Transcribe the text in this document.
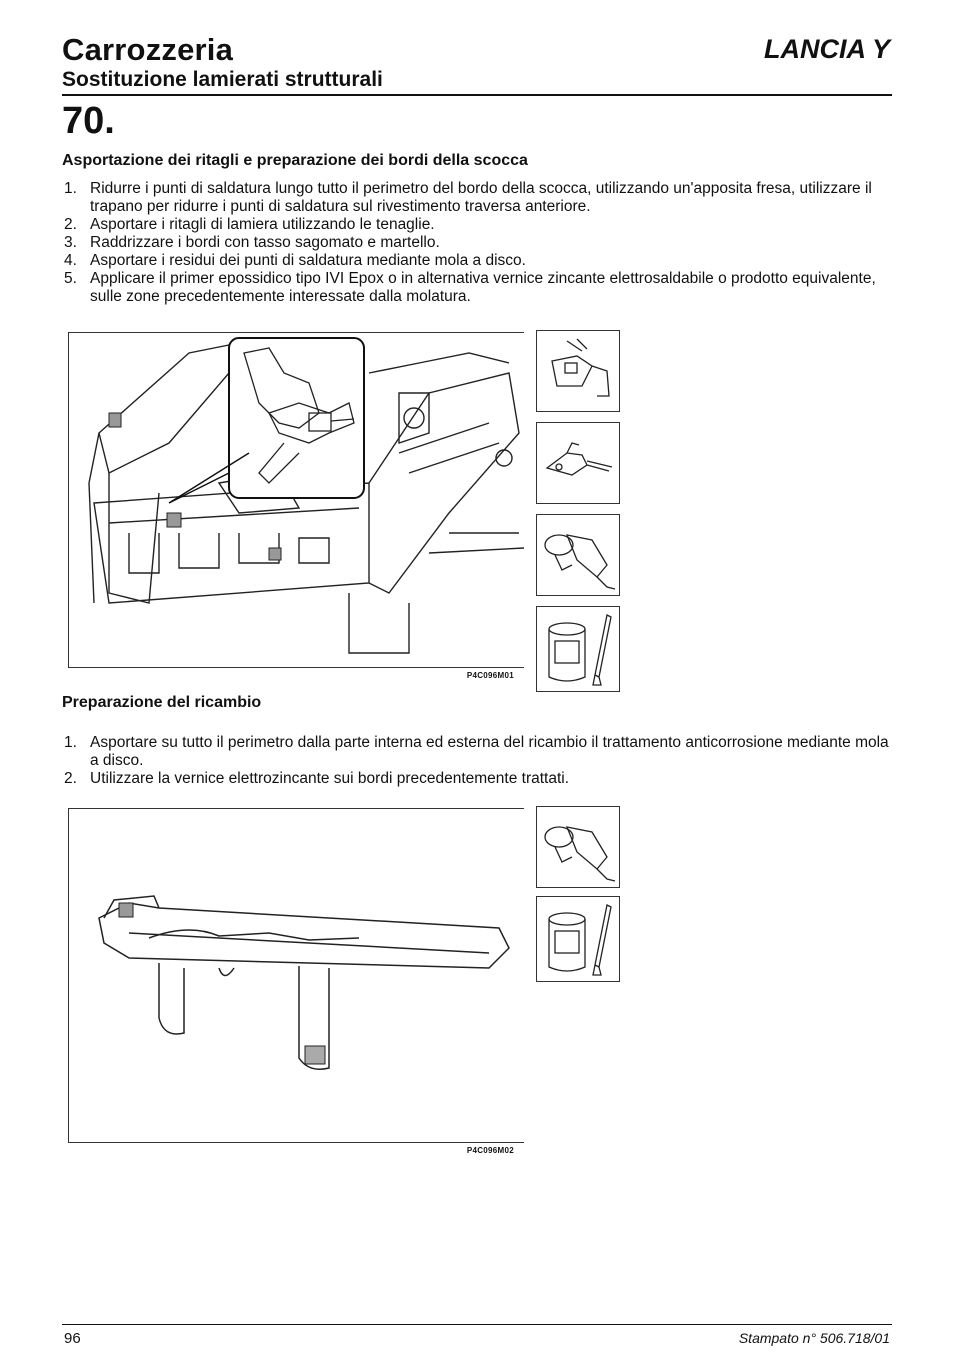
Carrozzeria	LANCIA Y
Sostituzione lamierati strutturali
70.
Asportazione dei ritagli e preparazione dei bordi della scocca
1. Ridurre i punti di saldatura lungo tutto il perimetro del bordo della scocca, utilizzando un'apposita fresa, utilizzare il trapano per ridurre i punti di saldatura sul rivestimento traversa anteriore.
2. Asportare i ritagli di lamiera utilizzando le tenaglie.
3. Raddrizzare i bordi con tasso sagomato e martello.
4. Asportare i residui dei punti di saldatura mediante mola a disco.
5. Applicare il primer epossidico tipo IVI Epox o in alternativa vernice zincante elettrosaldabile o prodotto equivalente, sulle zone precedentemente interessate dalla molatura.
P4C096M01
Preparazione del ricambio
1. Asportare su tutto il perimetro dalla parte interna ed esterna del ricambio il trattamento anticorrosione mediante mola a disco.
2. Utilizzare la vernice elettrozincante sui bordi precedentemente trattati.
P4C096M02
96	Stampato n° 506.718/01
